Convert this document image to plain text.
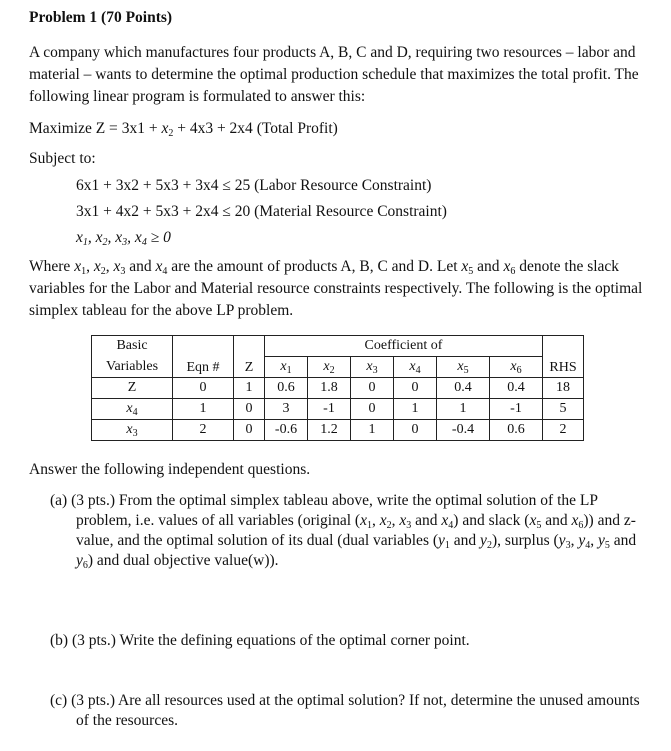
Problem 1 (70 Points)
A company which manufactures four products A, B, C and D, requiring two resources – labor and material – wants to determine the optimal production schedule that maximizes the total profit. The following linear program is formulated to answer this:
Maximize $Z = 3x1 + x_2 + 4x3 + 2x4$ (Total Profit)
Subject to:
6x1 + 3x2 + 5x3 + 3x4 ≤ 25 (Labor Resource Constraint)
3x1 + 4x2 + 5x3 + 2x4 ≤ 20 (Material Resource Constraint)
$x_1$, $x_2$, $x_3$, $x_4 \ge 0$
Where $x_1$, $x_2$, $x_3$ and $x_4$ are the amount of products A, B, C and D. Let $x_5$ and $x_6$ denote the slack variables for the Labor and Material resource constraints respectively. The following is the optimal simplex tableau for the above LP problem.
Basic	Eqn #	Z	Coefficient of						RHS
Variables			$x_1$	$x_2$	$x_3$	$x_4$	$x_5$	$x_6$
Z	0	1	0.6	1.8	0	0	0.4	0.4	18
$x_4$	1	0	3	-1	0	1	1	-1	5
$x_3$	2	0	-0.6	1.2	1	0	-0.4	0.6	2
Answer the following independent questions.
(a) (3 pts.) From the optimal simplex tableau above, write the optimal solution of the LP problem, i.e. values of all variables (original ($x_1$, $x_2$, $x_3$ and $x_4$) and slack ($x_5$ and $x_6$)) and z-value, and the optimal solution of its dual (dual variables ($y_1$ and $y_2$), surplus ($y_3$, $y_4$, $y_5$ and $y_6$) and dual objective value(w)).
(b) (3 pts.) Write the defining equations of the optimal corner point.
(c) (3 pts.) Are all resources used at the optimal solution? If not, determine the unused amounts of the resources.
